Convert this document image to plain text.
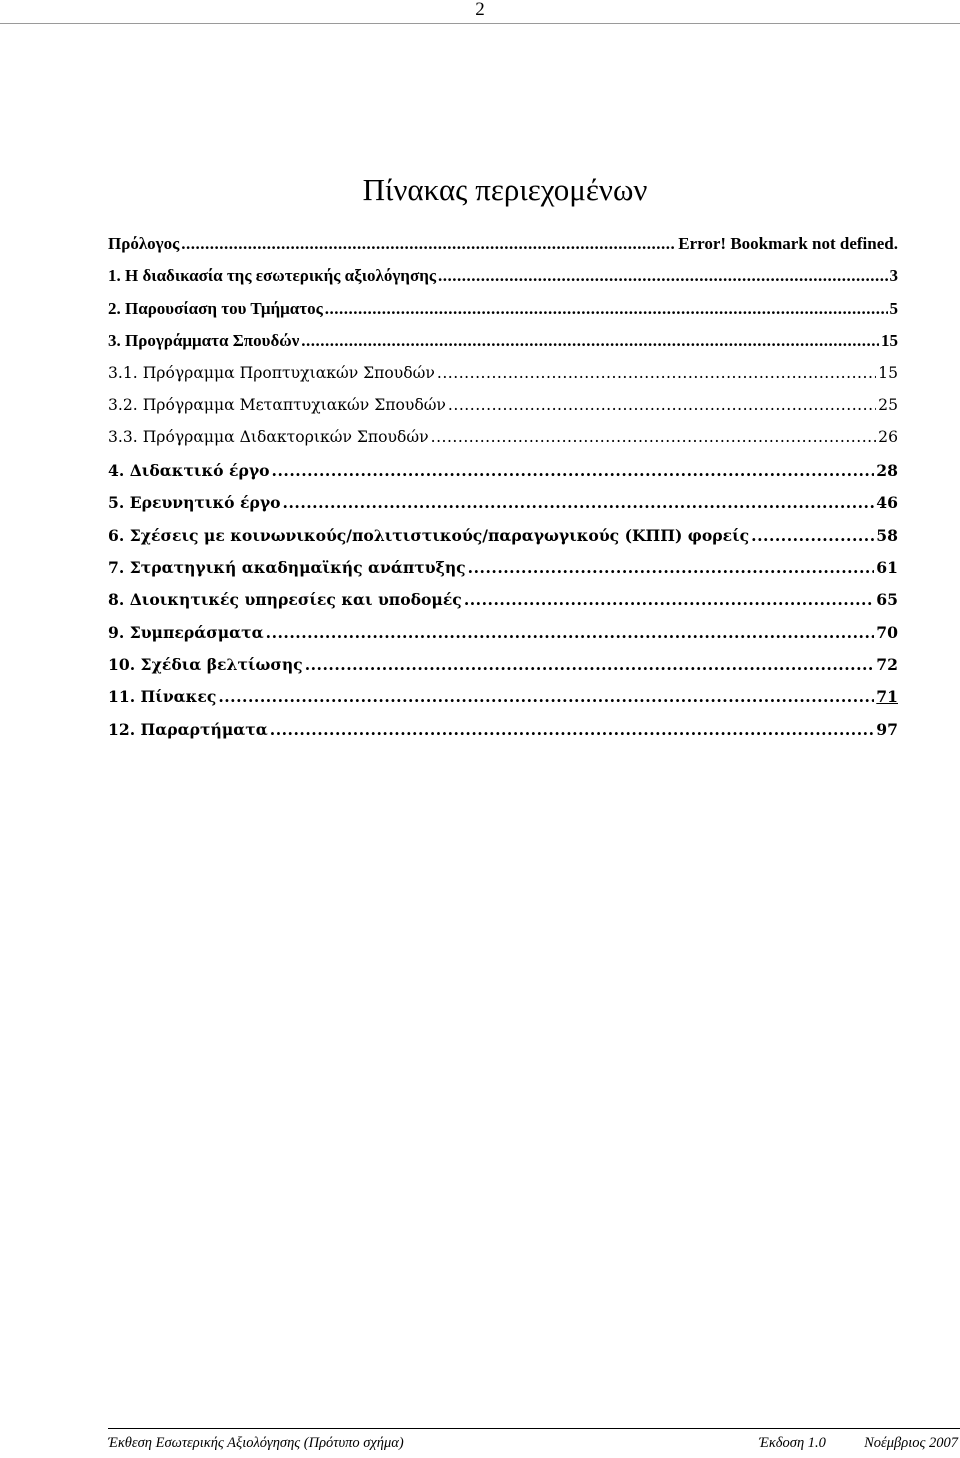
2
Πίνακας περιεχομένων
Πρόλογος .....	Error! Bookmark not defined.
1. Η διαδικασία της εσωτερικής αξιολόγησης .....	3
2. Παρουσίαση του Τμήματος .....	5
3. Προγράμματα Σπουδών .....	15
3.1. Πρόγραμμα Προπτυχιακών Σπουδών .....	15
3.2. Πρόγραμμα Μεταπτυχιακών Σπουδών .....	25
3.3. Πρόγραμμα Διδακτορικών Σπουδών .....	26
4. Διδακτικό έργο .....	28
5. Ερευνητικό έργο .....	46
6. Σχέσεις με κοινωνικούς/πολιτιστικούς/παραγωγικούς (ΚΠΠ) φορείς .....	58
7. Στρατηγική ακαδημαϊκής ανάπτυξης .....	61
8. Διοικητικές υπηρεσίες και υποδομές .....	65
9. Συμπεράσματα .....	70
10. Σχέδια βελτίωσης .....	72
11. Πίνακες .....	71
12. Παραρτήματα .....	97
Έκθεση Εσωτερικής Αξιολόγησης (Πρότυπο σχήμα)	Έκδοση 1.0	Νοέμβριος 2007
